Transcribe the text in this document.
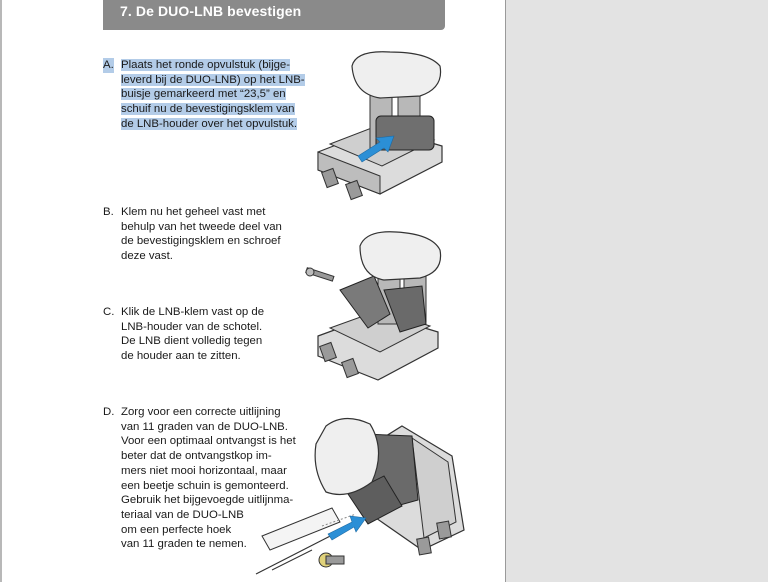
7. De DUO-LNB bevestigen
A. Plaats het ronde opvulstuk (bijge-
leverd bij de DUO-LNB) op het LNB-
buisje gemarkeerd met “23,5” en
schuif nu de bevestigingsklem van
de LNB-houder over het opvulstuk.
B. Klem nu het geheel vast met
behulp van het tweede deel van
de bevestigingsklem en schroef
deze vast.
C. Klik de LNB-klem vast op de
LNB-houder van de schotel.
De LNB dient volledig tegen
de houder aan te zitten.
D. Zorg voor een correcte uitlijning
van 11 graden van de DUO-LNB.
Voor een optimaal ontvangst is het
beter dat de ontvangstkop im-
mers niet mooi horizontaal, maar
een beetje schuin is gemonteerd.
Gebruik het bijgevoegde uitlijnma-
teriaal van de DUO-LNB
om een perfecte hoek
van 11 graden te nemen.
